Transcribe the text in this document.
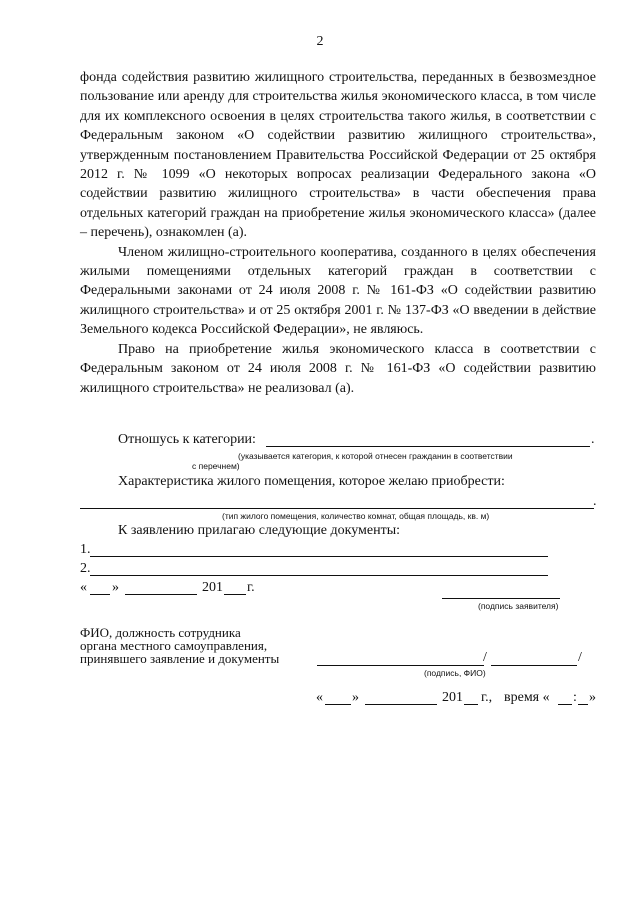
2

фонда содействия развитию жилищного строительства, переданных в безвозмездное пользование или аренду для строительства жилья экономического класса, в том числе для их комплексного освоения в целях строительства такого жилья, в соответствии с Федеральным законом «О содействии развитию жилищного строительства», утвержденным постановлением Правительства Российской Федерации от 25 октября 2012 г. № 1099 «О некоторых вопросах реализации Федерального закона «О содействии развитию жилищного строительства» в части обеспечения права отдельных категорий граждан на приобретение жилья экономического класса» (далее – перечень), ознакомлен (а).

Членом жилищно-строительного кооператива, созданного в целях обеспечения жилыми помещениями отдельных категорий граждан в соответствии с Федеральными законами от 24 июля 2008 г. № 161-ФЗ «О содействии развитию жилищного строительства» и от 25 октября 2001 г. № 137-ФЗ «О введении в действие Земельного кодекса Российской Федерации», не являюсь.

Право на приобретение жилья экономического класса в соответствии с Федеральным законом от 24 июля 2008 г. № 161-ФЗ «О содействии развитию жилищного строительства» не реализовал (а).

Отношусь к категории:	.
(указывается категория, к которой отнесен гражданин в соответствии
с перечнем)
Характеристика жилого помещения, которое желаю приобрести:
.
(тип жилого помещения, количество комнат, общая площадь, кв. м)
К заявлению прилагаю следующие документы:
1.
2.
« »	201 г.
(подпись заявителя)
ФИО, должность сотрудника
органа местного самоуправления,
принявшего заявление и документы	/	/
(подпись, ФИО)
« »	201 г., время « : »
